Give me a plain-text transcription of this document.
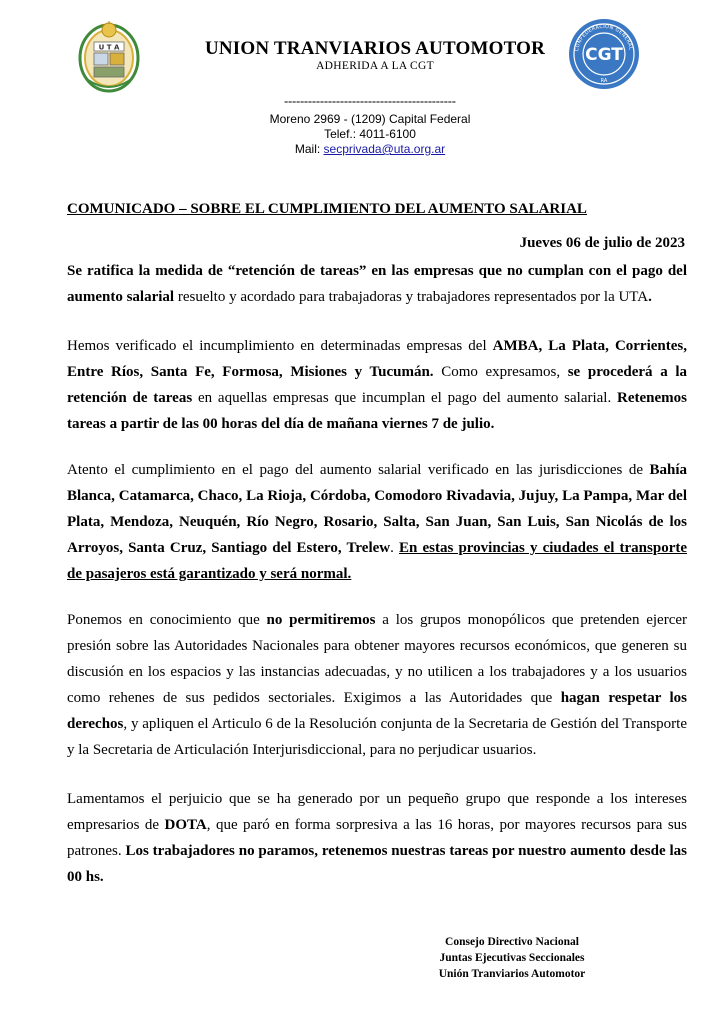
U T A	CONFEDERACION GENERAL
CGT
RA
UNION TRANVIARIOS AUTOMOTOR
ADHERIDA A LA CGT
-------------------------------------------
Moreno 2969 - (1209) Capital Federal
Telef.: 4011-6100
Mail: secprivada@uta.org.ar
COMUNICADO – SOBRE EL CUMPLIMIENTO DEL AUMENTO SALARIAL
Jueves 06 de julio de 2023
Se ratifica la medida de “retención de tareas” en las empresas que no cumplan con el pago del aumento salarial resuelto y acordado para trabajadoras y trabajadores representados por la UTA.
Hemos verificado el incumplimiento en determinadas empresas del AMBA, La Plata, Corrientes, Entre Ríos, Santa Fe, Formosa, Misiones y Tucumán. Como expresamos, se procederá a la retención de tareas en aquellas empresas que incumplan el pago del aumento salarial. Retenemos tareas a partir de las 00 horas del día de mañana viernes 7 de julio.
Atento el cumplimiento en el pago del aumento salarial verificado en las jurisdicciones de Bahía Blanca, Catamarca, Chaco, La Rioja, Córdoba, Comodoro Rivadavia, Jujuy, La Pampa, Mar del Plata, Mendoza, Neuquén, Río Negro, Rosario, Salta, San Juan, San Luis, San Nicolás de los Arroyos, Santa Cruz, Santiago del Estero, Trelew. En estas provincias y ciudades el transporte de pasajeros está garantizado y será normal.
Ponemos en conocimiento que no permitiremos a los grupos monopólicos que pretenden ejercer presión sobre las Autoridades Nacionales para obtener mayores recursos económicos, que generen su discusión en los espacios y las instancias adecuadas, y no utilicen a los trabajadores y a los usuarios como rehenes de sus pedidos sectoriales. Exigimos a las Autoridades que hagan respetar los derechos, y apliquen el Articulo 6 de la Resolución conjunta de la Secretaria de Gestión del Transporte y la Secretaria de Articulación Interjurisdiccional, para no perjudicar usuarios.
Lamentamos el perjuicio que se ha generado por un pequeño grupo que responde a los intereses empresarios de DOTA, que paró en forma sorpresiva a las 16 horas, por mayores recursos para sus patrones. Los trabajadores no paramos, retenemos nuestras tareas por nuestro aumento desde las 00 hs.
Consejo Directivo Nacional
Juntas Ejecutivas Seccionales
Unión Tranviarios Automotor
